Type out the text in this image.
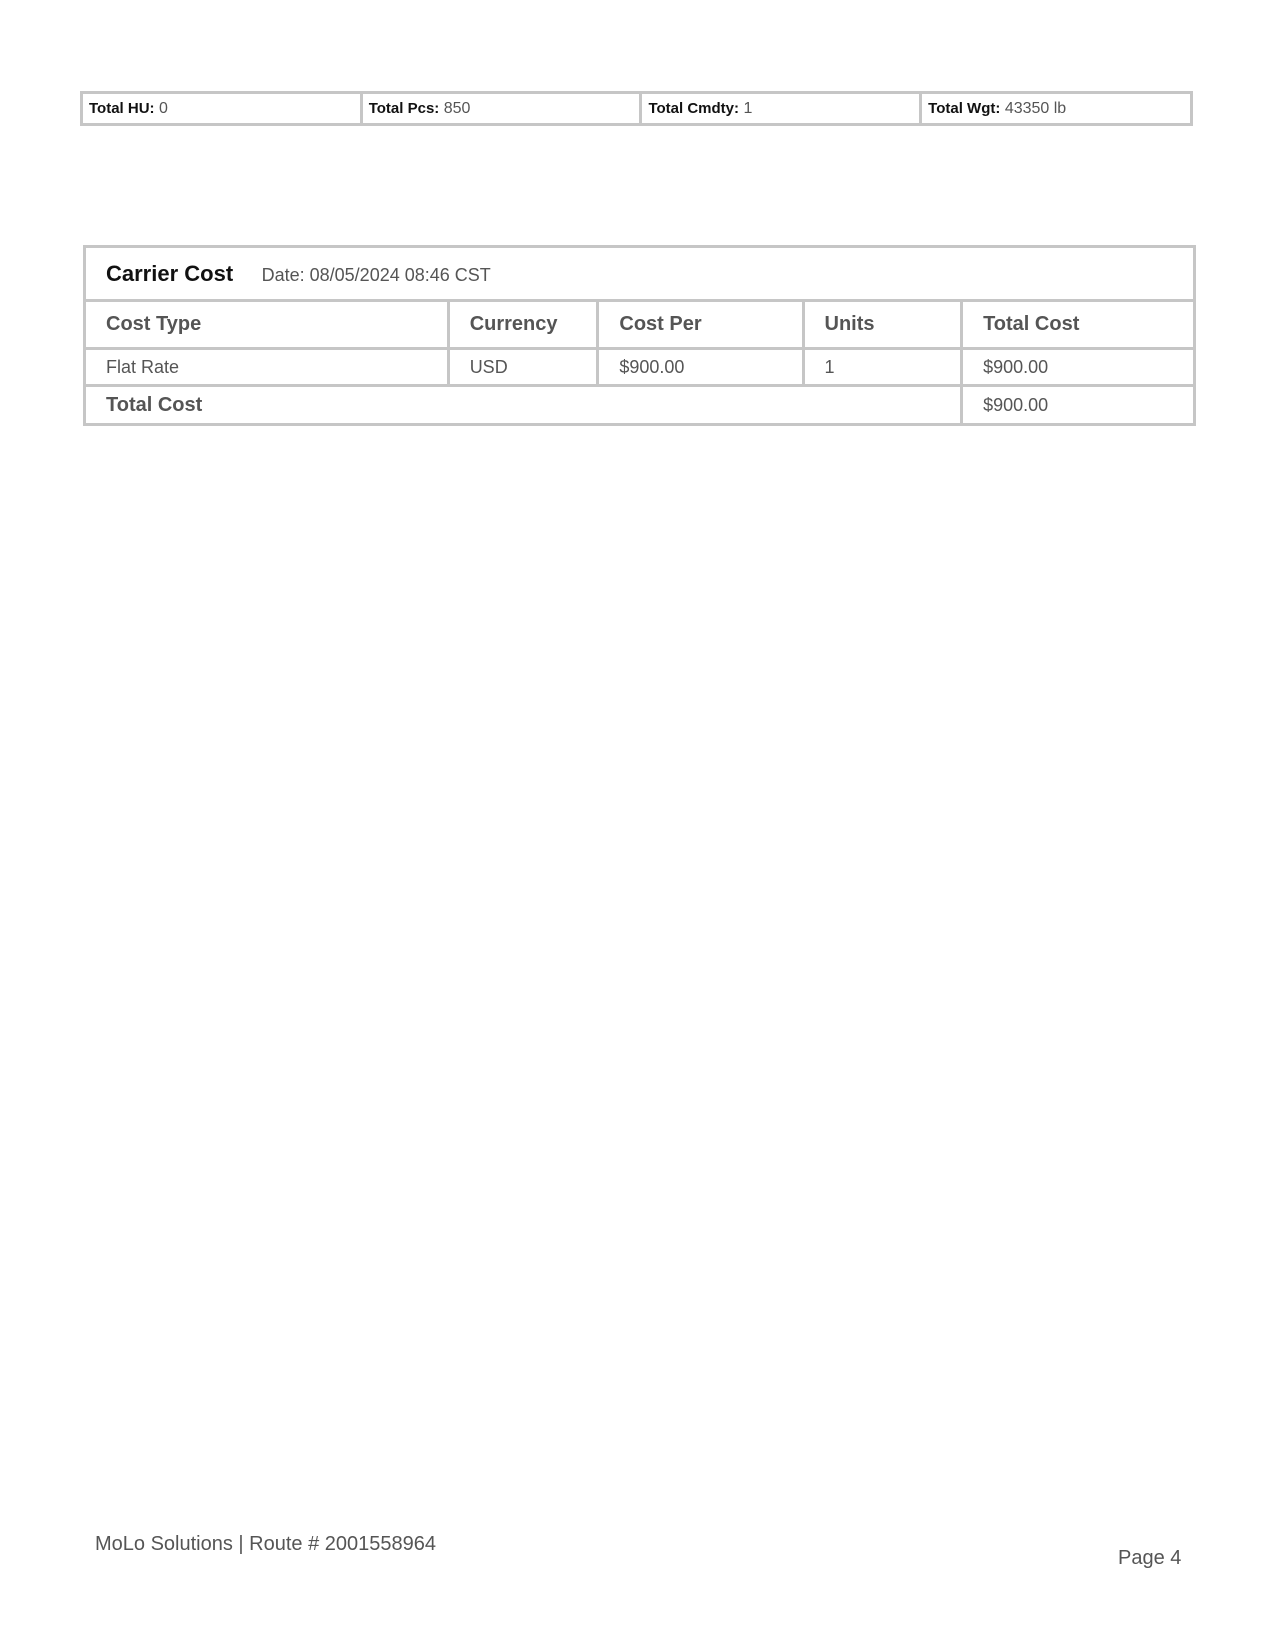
Total HU: 0	Total Pcs: 850	Total Cmdty: 1	Total Wgt: 43350 lb
Carrier Cost Date: 08/05/2024 08:46 CST				
Cost Type	Currency	Cost Per	Units	Total Cost
Flat Rate	USD	$900.00	1	$900.00
Total Cost				$900.00
MoLo Solutions | Route # 2001558964
Page 4
